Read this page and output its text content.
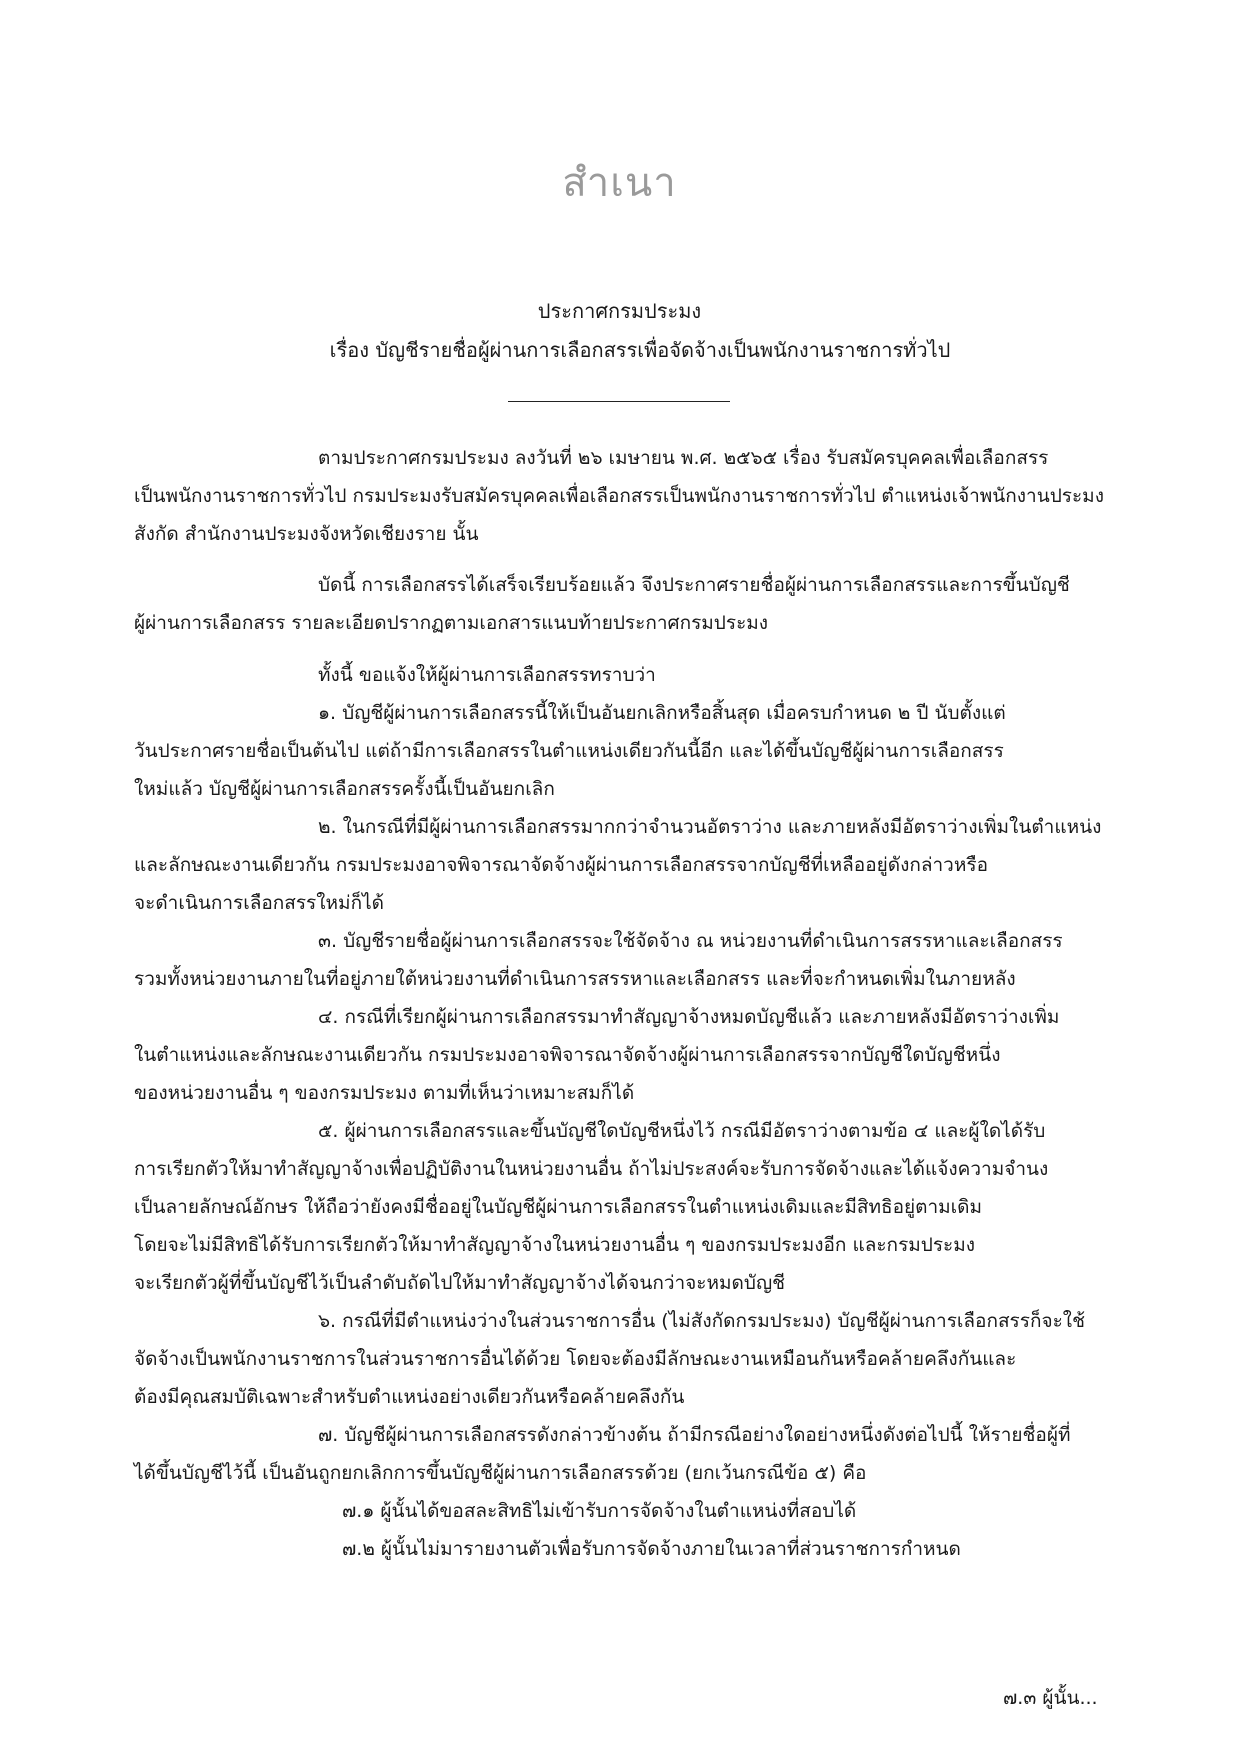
สำเนา
ประกาศกรมประมง
เรื่อง บัญชีรายชื่อผู้ผ่านการเลือกสรรเพื่อจัดจ้างเป็นพนักงานราชการทั่วไป
ตามประกาศกรมประมง ลงวันที่ ๒๖ เมษายน พ.ศ. ๒๕๖๕ เรื่อง รับสมัครบุคคลเพื่อเลือกสรร
เป็นพนักงานราชการทั่วไป กรมประมงรับสมัครบุคคลเพื่อเลือกสรรเป็นพนักงานราชการทั่วไป ตำแหน่งเจ้าพนักงานประมง
สังกัด สำนักงานประมงจังหวัดเชียงราย นั้น
บัดนี้ การเลือกสรรได้เสร็จเรียบร้อยแล้ว จึงประกาศรายชื่อผู้ผ่านการเลือกสรรและการขึ้นบัญชี
ผู้ผ่านการเลือกสรร รายละเอียดปรากฏตามเอกสารแนบท้ายประกาศกรมประมง
ทั้งนี้ ขอแจ้งให้ผู้ผ่านการเลือกสรรทราบว่า
๑. บัญชีผู้ผ่านการเลือกสรรนี้ให้เป็นอันยกเลิกหรือสิ้นสุด เมื่อครบกำหนด ๒ ปี นับตั้งแต่
วันประกาศรายชื่อเป็นต้นไป แต่ถ้ามีการเลือกสรรในตำแหน่งเดียวกันนี้อีก และได้ขึ้นบัญชีผู้ผ่านการเลือกสรร
ใหม่แล้ว บัญชีผู้ผ่านการเลือกสรรครั้งนี้เป็นอันยกเลิก
๒. ในกรณีที่มีผู้ผ่านการเลือกสรรมากกว่าจำนวนอัตราว่าง และภายหลังมีอัตราว่างเพิ่มในตำแหน่ง
และลักษณะงานเดียวกัน กรมประมงอาจพิจารณาจัดจ้างผู้ผ่านการเลือกสรรจากบัญชีที่เหลืออยู่ดังกล่าวหรือ
จะดำเนินการเลือกสรรใหม่ก็ได้
๓. บัญชีรายชื่อผู้ผ่านการเลือกสรรจะใช้จัดจ้าง ณ หน่วยงานที่ดำเนินการสรรหาและเลือกสรร
รวมทั้งหน่วยงานภายในที่อยู่ภายใต้หน่วยงานที่ดำเนินการสรรหาและเลือกสรร และที่จะกำหนดเพิ่มในภายหลัง
๔. กรณีที่เรียกผู้ผ่านการเลือกสรรมาทำสัญญาจ้างหมดบัญชีแล้ว และภายหลังมีอัตราว่างเพิ่ม
ในตำแหน่งและลักษณะงานเดียวกัน กรมประมงอาจพิจารณาจัดจ้างผู้ผ่านการเลือกสรรจากบัญชีใดบัญชีหนึ่ง
ของหน่วยงานอื่น ๆ ของกรมประมง ตามที่เห็นว่าเหมาะสมก็ได้
๕. ผู้ผ่านการเลือกสรรและขึ้นบัญชีใดบัญชีหนึ่งไว้ กรณีมีอัตราว่างตามข้อ ๔ และผู้ใดได้รับ
การเรียกตัวให้มาทำสัญญาจ้างเพื่อปฏิบัติงานในหน่วยงานอื่น ถ้าไม่ประสงค์จะรับการจัดจ้างและได้แจ้งความจำนง
เป็นลายลักษณ์อักษร ให้ถือว่ายังคงมีชื่ออยู่ในบัญชีผู้ผ่านการเลือกสรรในตำแหน่งเดิมและมีสิทธิอยู่ตามเดิม
โดยจะไม่มีสิทธิได้รับการเรียกตัวให้มาทำสัญญาจ้างในหน่วยงานอื่น ๆ ของกรมประมงอีก และกรมประมง
จะเรียกตัวผู้ที่ขึ้นบัญชีไว้เป็นลำดับถัดไปให้มาทำสัญญาจ้างได้จนกว่าจะหมดบัญชี
๖. กรณีที่มีตำแหน่งว่างในส่วนราชการอื่น (ไม่สังกัดกรมประมง) บัญชีผู้ผ่านการเลือกสรรก็จะใช้
จัดจ้างเป็นพนักงานราชการในส่วนราชการอื่นได้ด้วย โดยจะต้องมีลักษณะงานเหมือนกันหรือคล้ายคลึงกันและ
ต้องมีคุณสมบัติเฉพาะสำหรับตำแหน่งอย่างเดียวกันหรือคล้ายคลึงกัน
๗. บัญชีผู้ผ่านการเลือกสรรดังกล่าวข้างต้น ถ้ามีกรณีอย่างใดอย่างหนึ่งดังต่อไปนี้ ให้รายชื่อผู้ที่
ได้ขึ้นบัญชีไว้นี้ เป็นอันถูกยกเลิกการขึ้นบัญชีผู้ผ่านการเลือกสรรด้วย (ยกเว้นกรณีข้อ ๕) คือ
๗.๑ ผู้นั้นได้ขอสละสิทธิไม่เข้ารับการจัดจ้างในตำแหน่งที่สอบได้
๗.๒ ผู้นั้นไม่มารายงานตัวเพื่อรับการจัดจ้างภายในเวลาที่ส่วนราชการกำหนด
๗.๓ ผู้นั้น...
